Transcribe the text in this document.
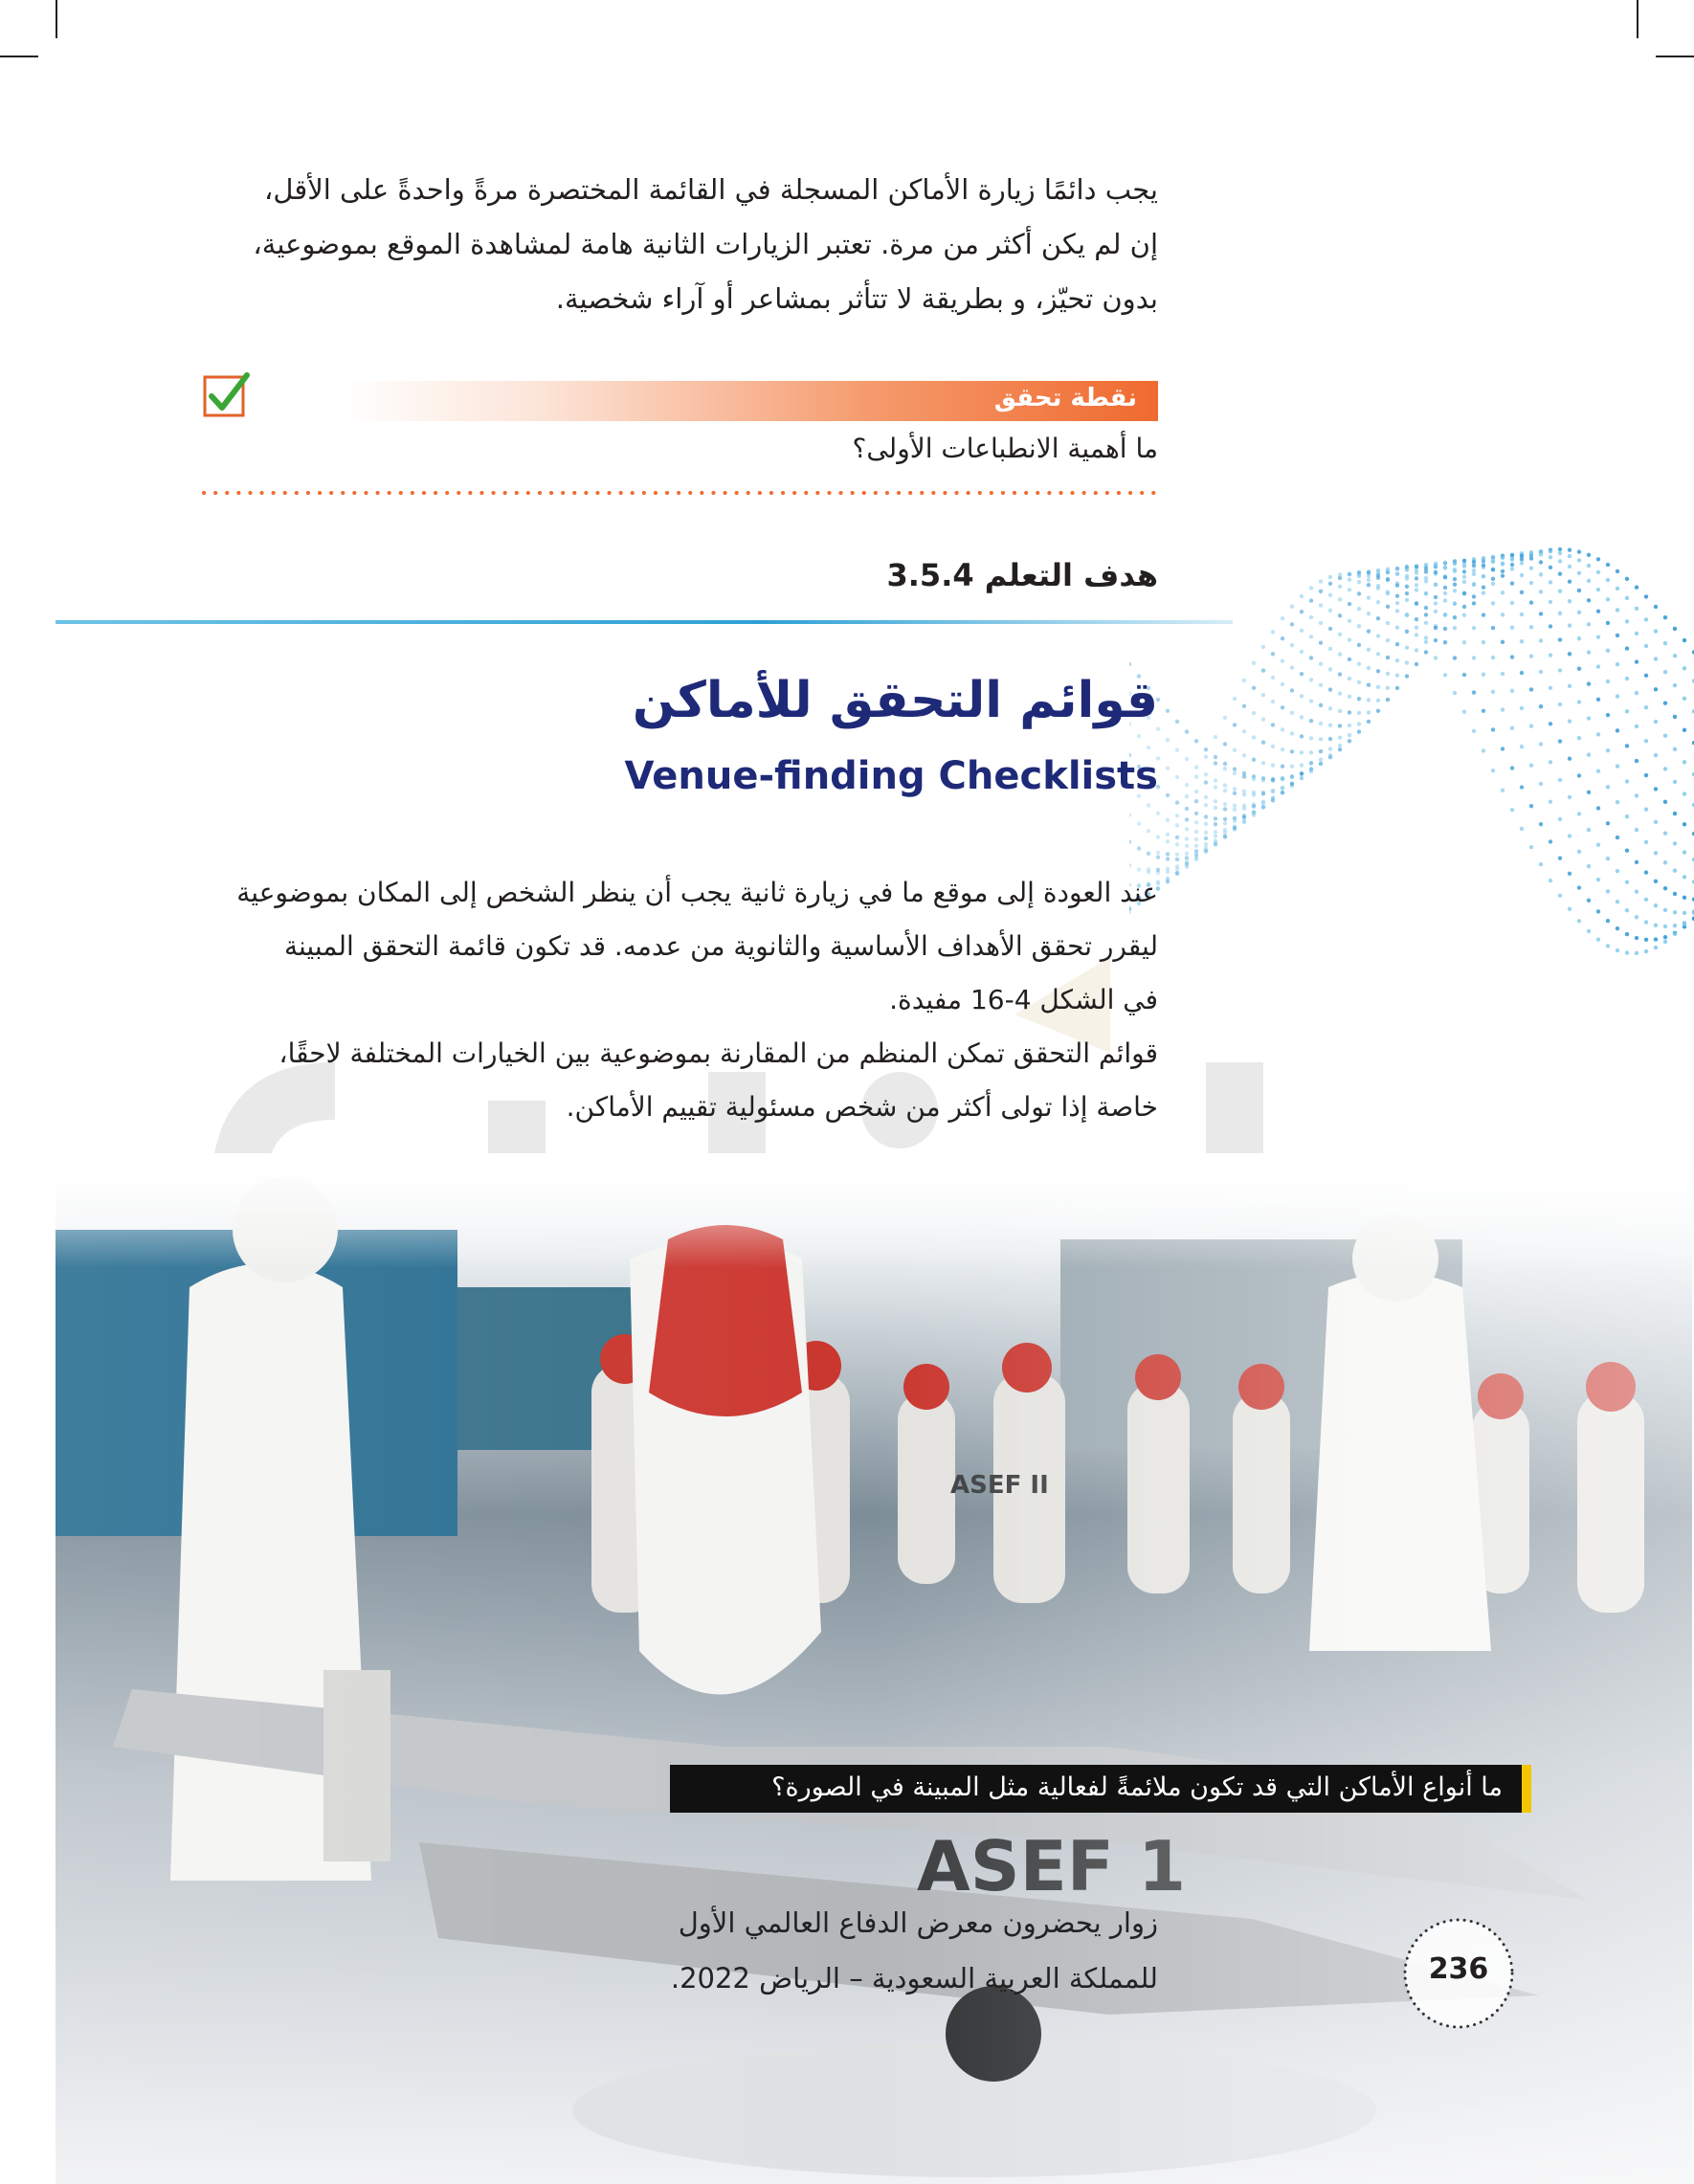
يجب دائمًا زيارة الأماكن المسجلة في القائمة المختصرة مرةً واحدةً على الأقل،
إن لم يكن أكثر من مرة. تعتبر الزيارات الثانية هامة لمشاهدة الموقع بموضوعية،
بدون تحيّز، و بطريقة لا تتأثر بمشاعر أو آراء شخصية.

نقطة تحقق
ما أهمية الانطباعات الأولى؟
هدف التعلم 3.5.4
قوائم التحقق للأماكن
Venue-finding Checklists
ما أنواع الأماكن التي قد تكون ملائمةً لفعالية مثل المبينة في الصورة؟

عند العودة إلى موقع ما في زيارة ثانية يجب أن ينظر الشخص إلى المكان بموضوعية
ليقرر تحقق الأهداف الأساسية والثانوية من عدمه. قد تكون قائمة التحقق المبينة
في الشكل 4-16 مفيدة.
قوائم التحقق تمكن المنظم من المقارنة بموضوعية بين الخيارات المختلفة لاحقًا،
خاصة إذا تولى أكثر من شخص مسئولية تقييم الأماكن.

زوار يحضرون معرض الدفاع العالمي الأول
للمملكة العربية السعودية – الرياض 2022.	236
